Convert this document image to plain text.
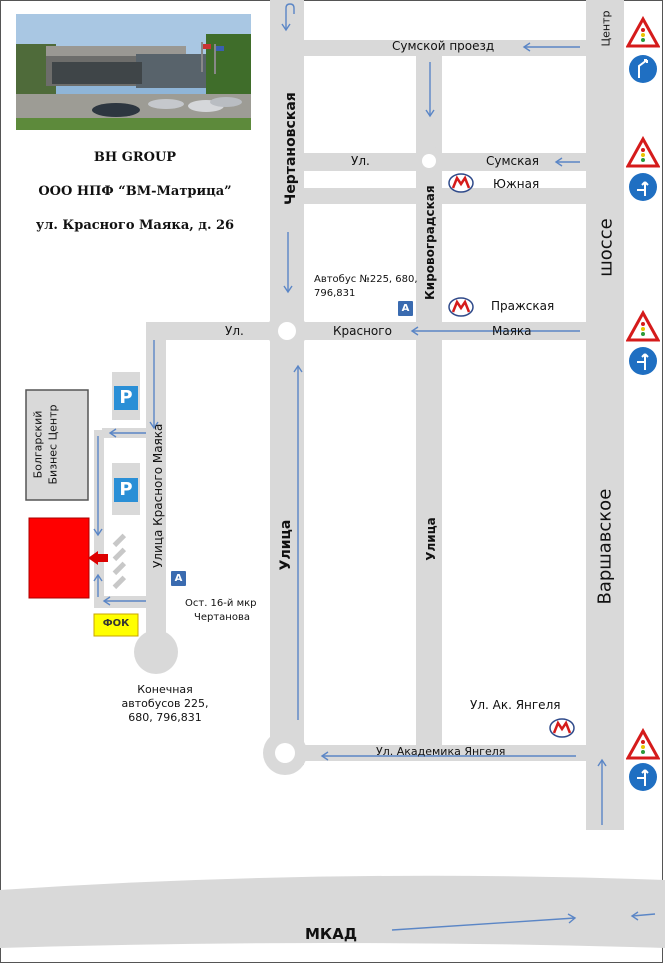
BH GROUP
ООО НПФ “ВМ-Матрица”
ул. Красного Маяка, д. 26
Сумской проезд
Ул.	Сумская
Ул.	Красного	Маяка
Ул. Академика Янгеля
МКАД
Чертановская
Кировоградская
Улица Красного Маяка	Улица	Улица	Варшавское
шоссе
Центр
Южная
Пражская
Ул. Ак. Янгеля
A
Автобус №225, 680,
796,831
A
Ост. 16-й мкр
Чертанова
Конечная
автобусов 225,
680, 796,831
P
P
Болгарский Бизнес Центр
ФОК
